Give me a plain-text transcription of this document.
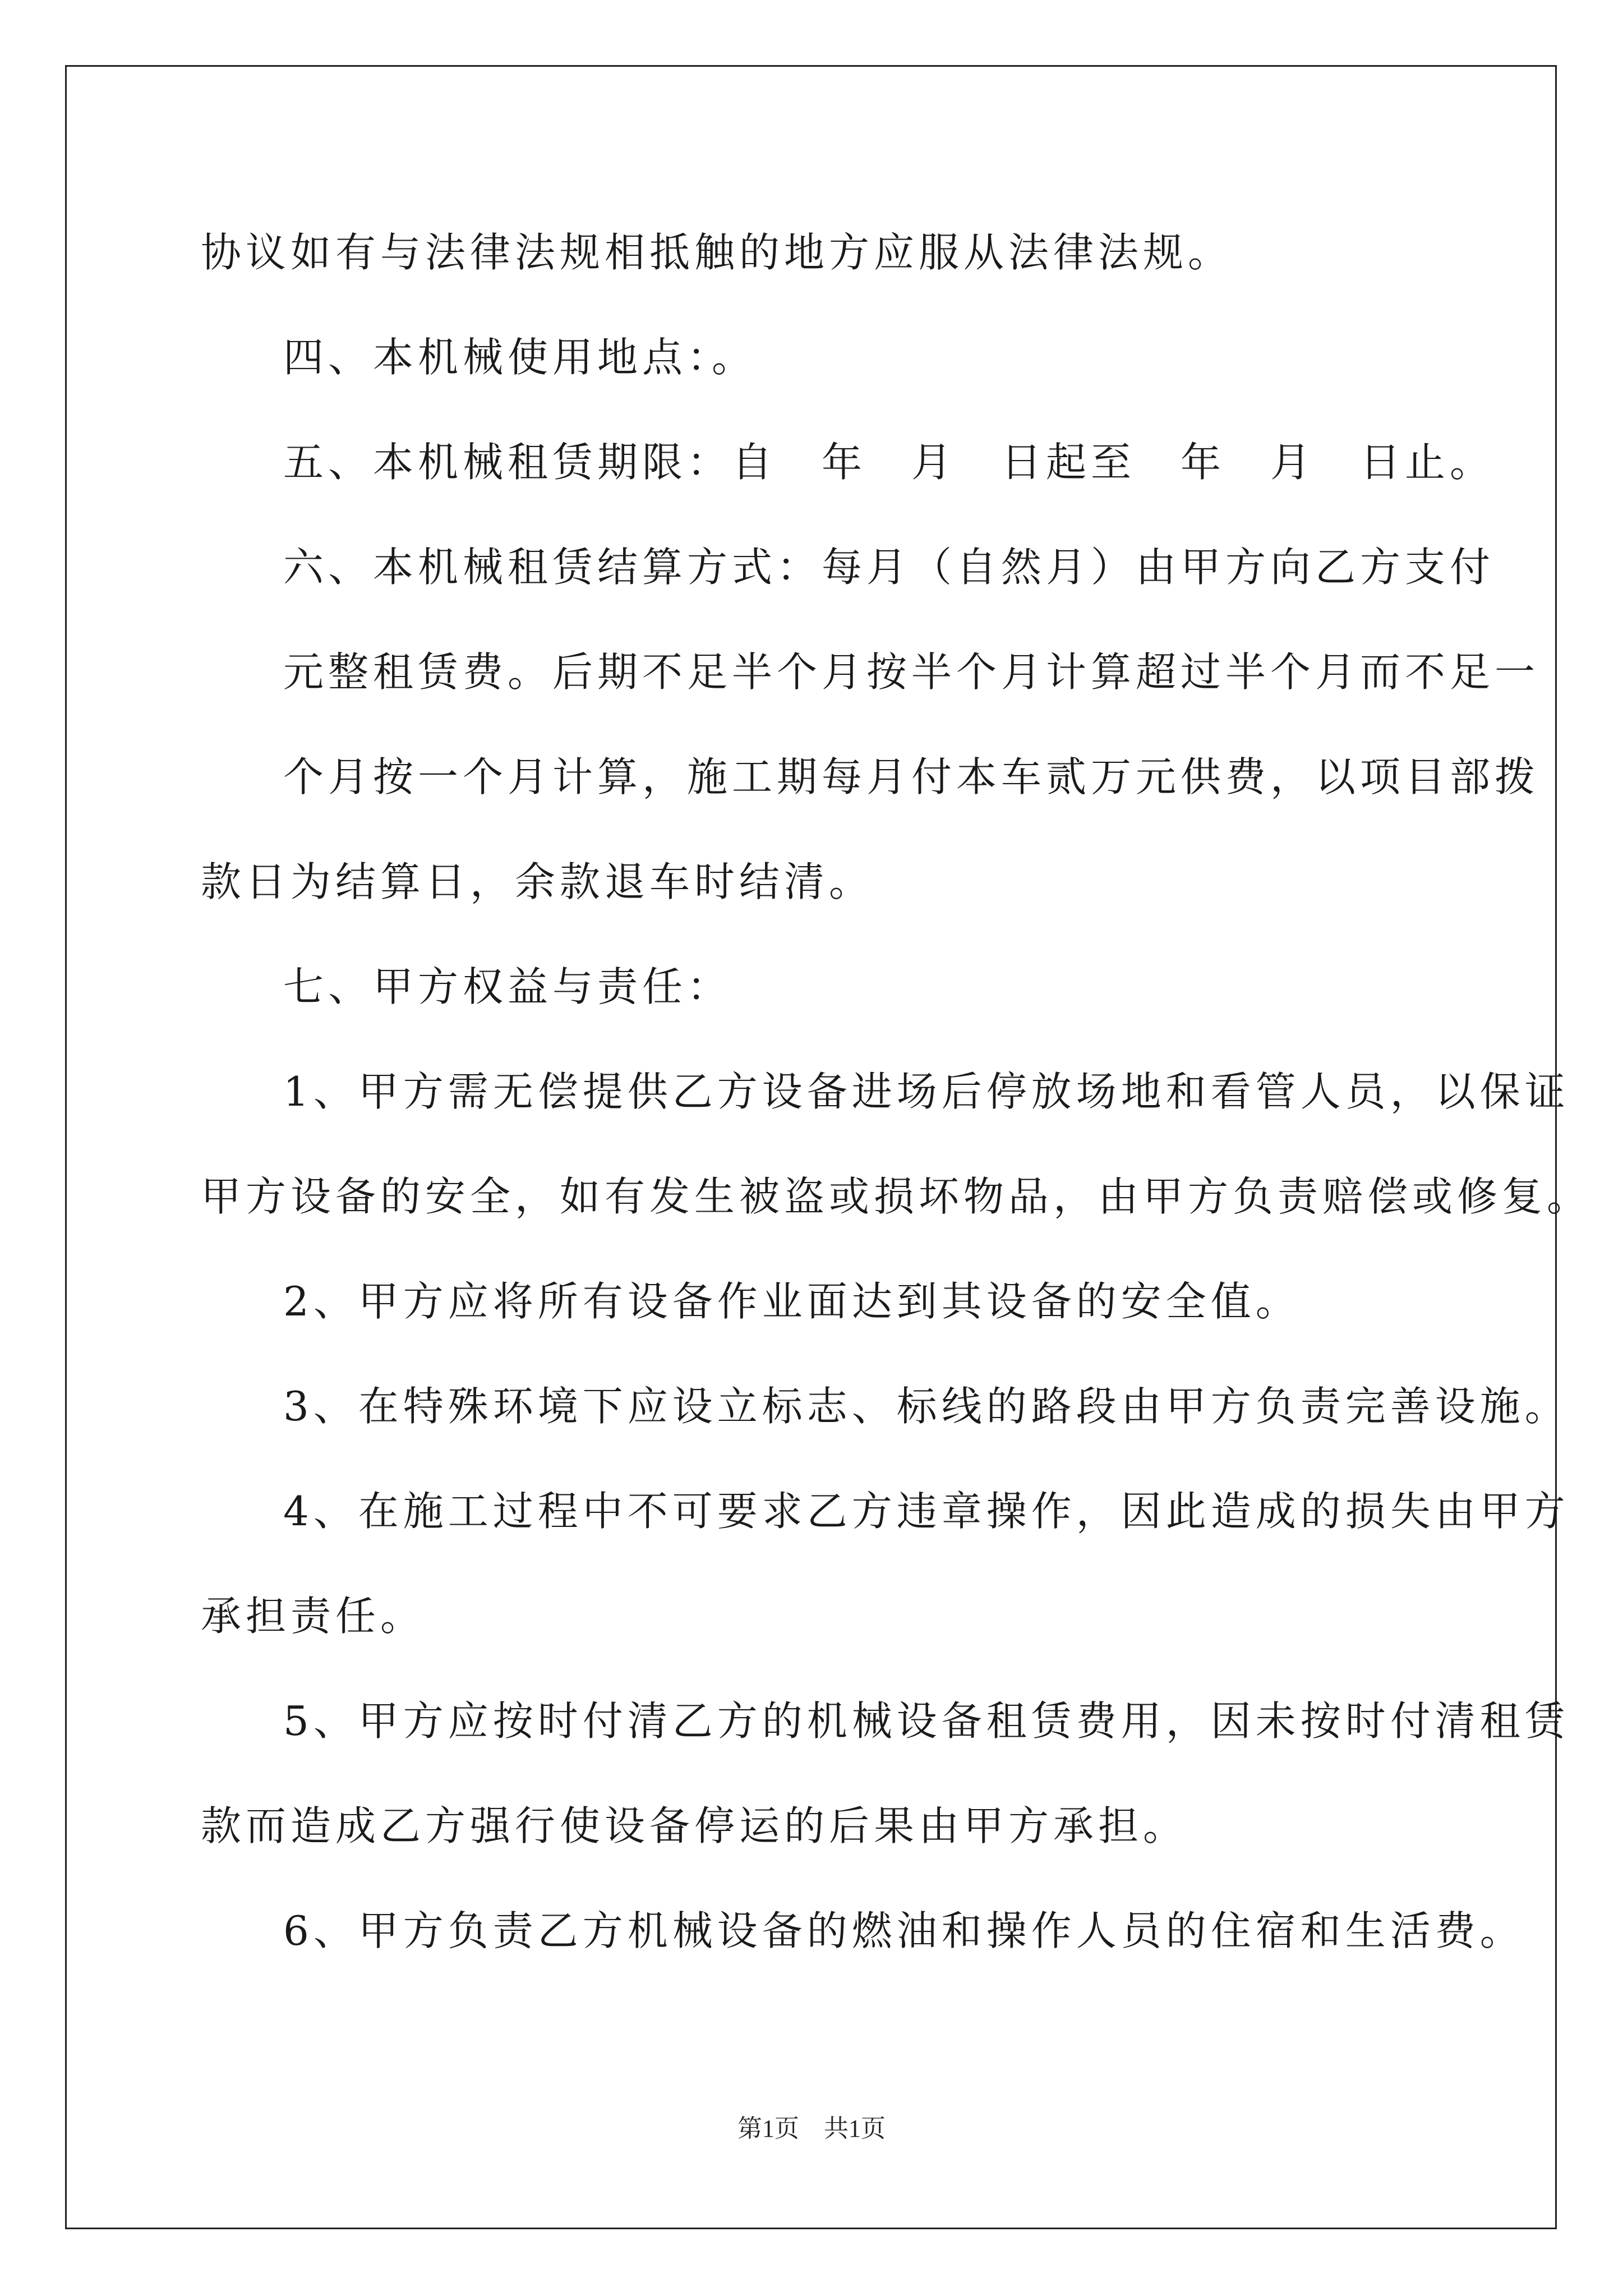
协议如有与法律法规相抵触的地方应服从法律法规。
四、本机械使用地点：。
五、本机械租赁期限：自　年　月　日起至　年　月　日止。
六、本机械租赁结算方式：每月（自然月）由甲方向乙方支付
元整租赁费。后期不足半个月按半个月计算超过半个月而不足一
个月按一个月计算，施工期每月付本车贰万元供费，以项目部拨
款日为结算日，余款退车时结清。
七、甲方权益与责任：
1、甲方需无偿提供乙方设备进场后停放场地和看管人员，以保证
甲方设备的安全，如有发生被盗或损坏物品，由甲方负责赔偿或修复。
2、甲方应将所有设备作业面达到其设备的安全值。
3、在特殊环境下应设立标志、标线的路段由甲方负责完善设施。
4、在施工过程中不可要求乙方违章操作，因此造成的损失由甲方
承担责任。
5、甲方应按时付清乙方的机械设备租赁费用，因未按时付清租赁
款而造成乙方强行使设备停运的后果由甲方承担。
6、甲方负责乙方机械设备的燃油和操作人员的住宿和生活费。
第1页　共1页
